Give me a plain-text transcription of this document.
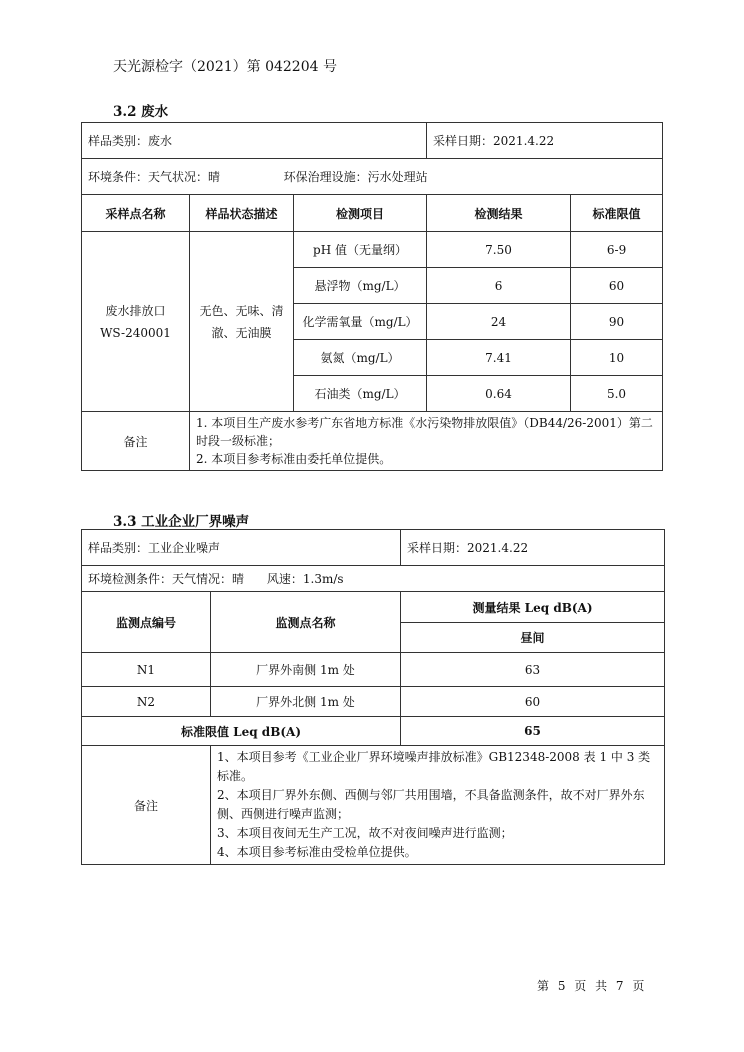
天光源检字（2021）第 042204 号
3.2 废水
样品类别：废水			采样日期：2021.4.22	
环境条件：天气状况：晴 环保治理设施：污水处理站				
采样点名称	样品状态描述	检测项目	检测结果	标准限值

废水排放口
WS-240001	无色、无味、清澈、无油膜	pH 值（无量纲）	7.50	6-9
		悬浮物（mg/L）	6	60
		化学需氧量（mg/L）	24	90
		氨氮（mg/L）	7.41	10
		石油类（mg/L）	0.64	5.0
备注	1. 本项目生产废水参考广东省地方标准《水污染物排放限值》（DB44/26-2001）第二时段一级标准；
2. 本项目参考标准由委托单位提供。			
3.3 工业企业厂界噪声
样品类别：工业企业噪声		采样日期：2021.4.22
环境检测条件：天气情况：晴      风速：1.3m/s		
监测点编号	监测点名称	测量结果 Leq dB(A)
		昼间
N1	厂界外南侧 1m 处	63
N2	厂界外北侧 1m 处	60
标准限值 Leq dB(A)		65
备注	1、本项目参考《工业企业厂界环境噪声排放标准》GB12348-2008 表 1 中 3 类标准。
2、本项目厂界外东侧、西侧与邻厂共用围墙，不具备监测条件，故不对厂界外东侧、西侧进行噪声监测；
3、本项目夜间无生产工况，故不对夜间噪声进行监测；
4、本项目参考标准由受检单位提供。	
第 5 页 共 7 页
